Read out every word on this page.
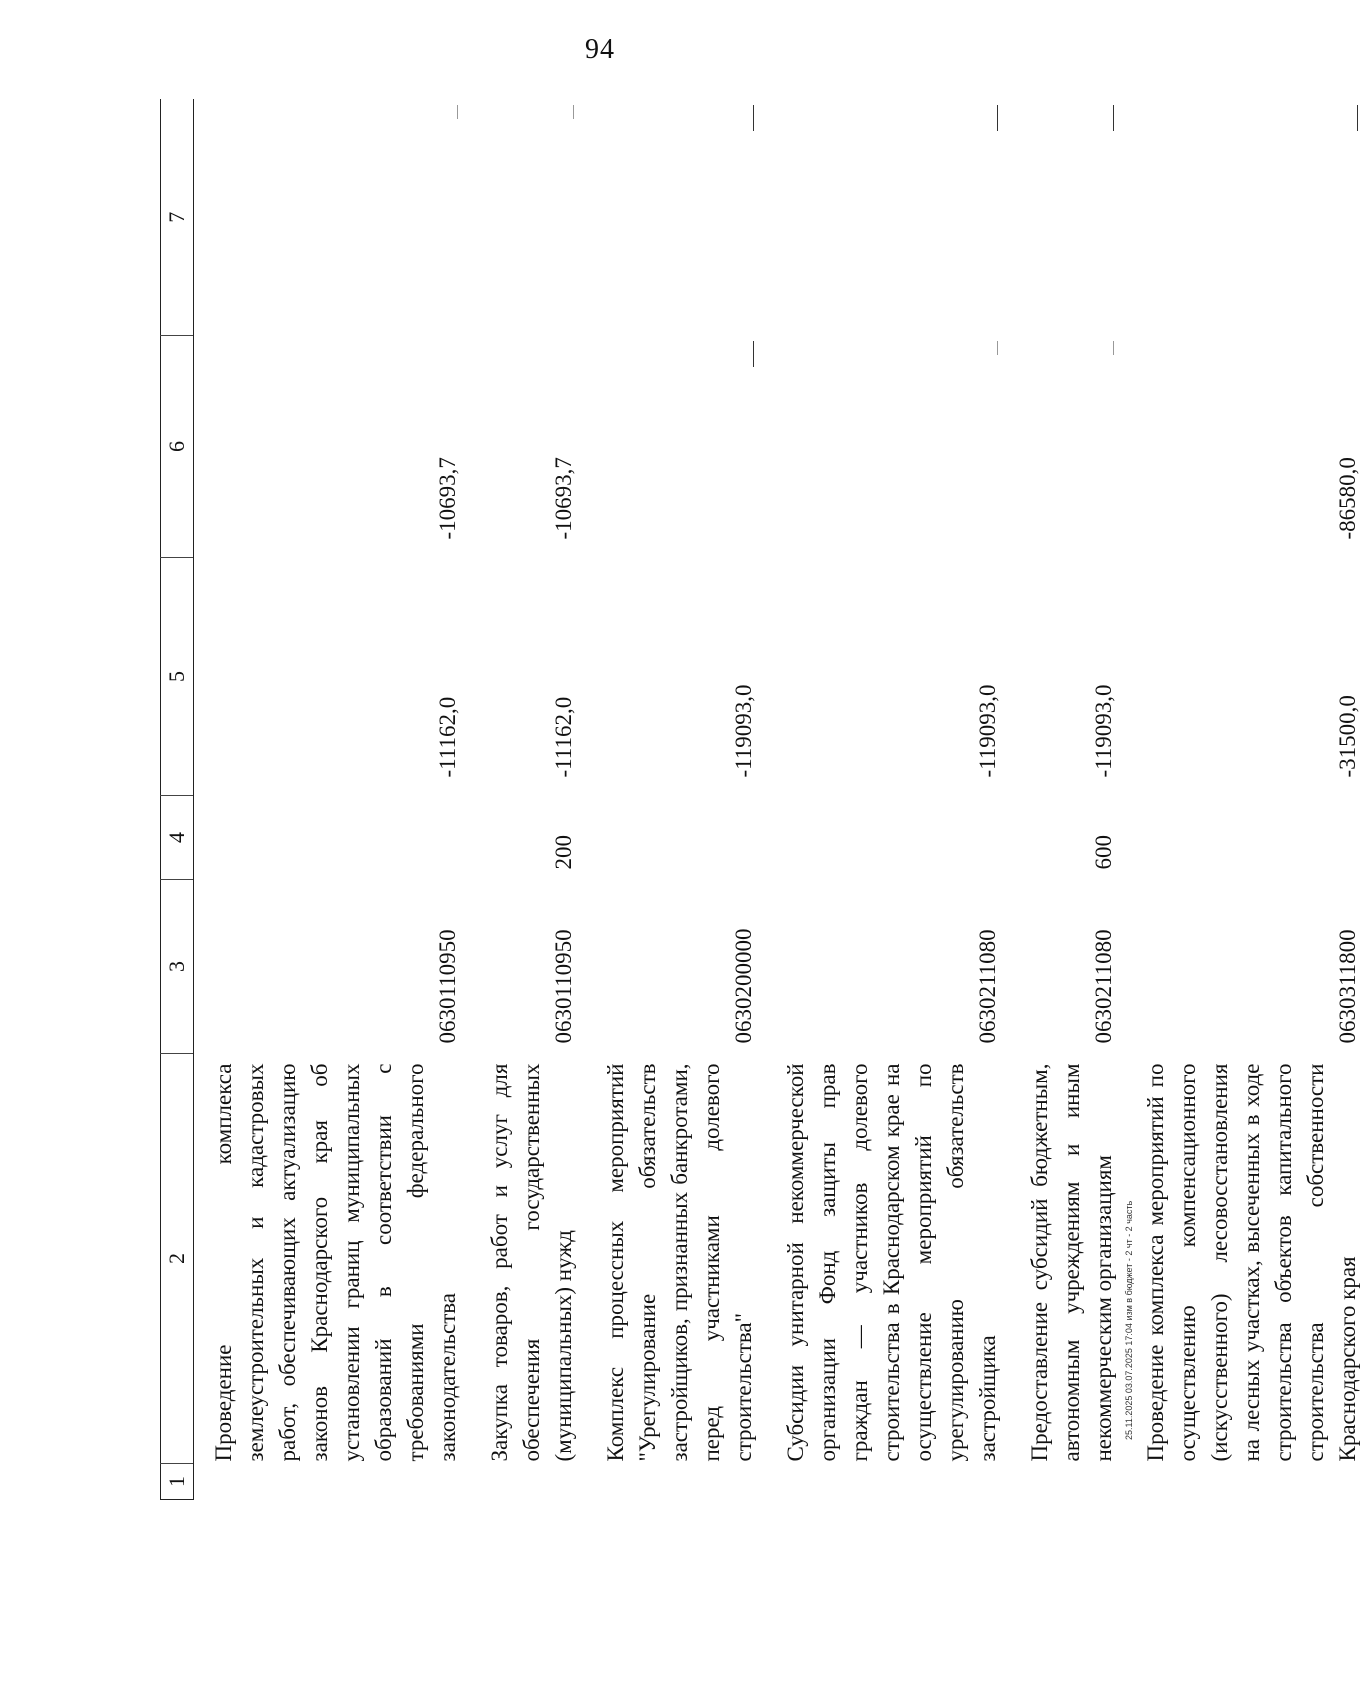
94
1	2	3	4	5	6	7
	Проведение комплекса землеустроительных и кадастровых работ, обеспечивающих актуализацию законов Краснодарского края об установлении границ муниципальных образований в соответствии с требованиями федерального законодательства	0630110950		-11162,0	-10693,7	

	Закупка товаров, работ и услуг для обеспечения государственных (муниципальных) нужд	0630110950	200	-11162,0	-10693,7	

	Комплекс процессных мероприятий "Урегулирование обязательств застройщиков, признанных банкротами, перед участниками долевого строительства"	0630200000		-119093,0	

	Субсидии унитарной некоммерческой организации Фонд защиты прав граждан — участников долевого строительства в Краснодарском крае на осуществление мероприятий по урегулированию обязательств застройщика	0630211080		-119093,0	

	Предоставление субсидий бюджетным, автономным учреждениям и иным некоммерческим организациям	0630211080	600	-119093,0	

	Проведение комплекса мероприятий по осуществлению компенсационного (искусственного) лесовосстановления на лесных участках, высеченных в ходе строительства объектов капитального строительства собственности Краснодарского края	0630311800		-31500,0	-86580,0	
25.11.2025 03.07.2025 17:04 изм в бюджет - 2 чт - 2 часть
